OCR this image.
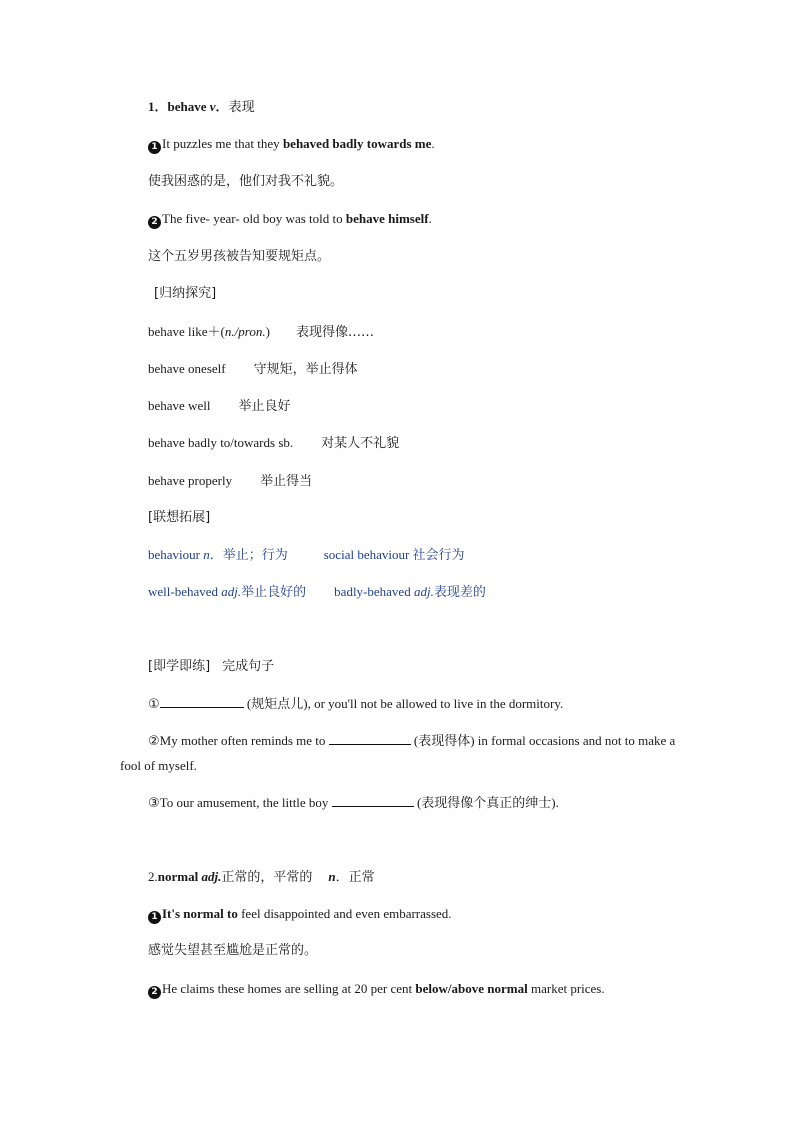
1．behave v．表现
1 It puzzles me that they behaved badly towards me.
使我困惑的是，他们对我不礼貌。
2 The five- year- old boy was told to behave himself.
这个五岁男孩被告知要规矩点。
[归纳探究]
behave like＋(n./pron.) 表现得像……
behave oneself 守规矩，举止得体
behave well 举止良好
behave badly to/towards sb. 对某人不礼貌
behave properly 举止得当
[联想拓展]
behaviour n．举止；行为	social behaviour 社会行为
well-behaved adj.举止良好的 badly-behaved adj.表现差的
[即学即练] 完成句子
①	(规矩点儿), or you'll not be allowed to live in the dormitory.
②My mother often reminds me to	(表现得体) in formal occasions and not to make a fool of myself.
③To our amusement, the little boy	(表现得像个真正的绅士).
2.normal adj.正常的，平常的 n．正常
1 It's normal to feel disappointed and even embarrassed.
感觉失望甚至尴尬是正常的。
2 He claims these homes are selling at 20 per cent below/above normal market prices.
